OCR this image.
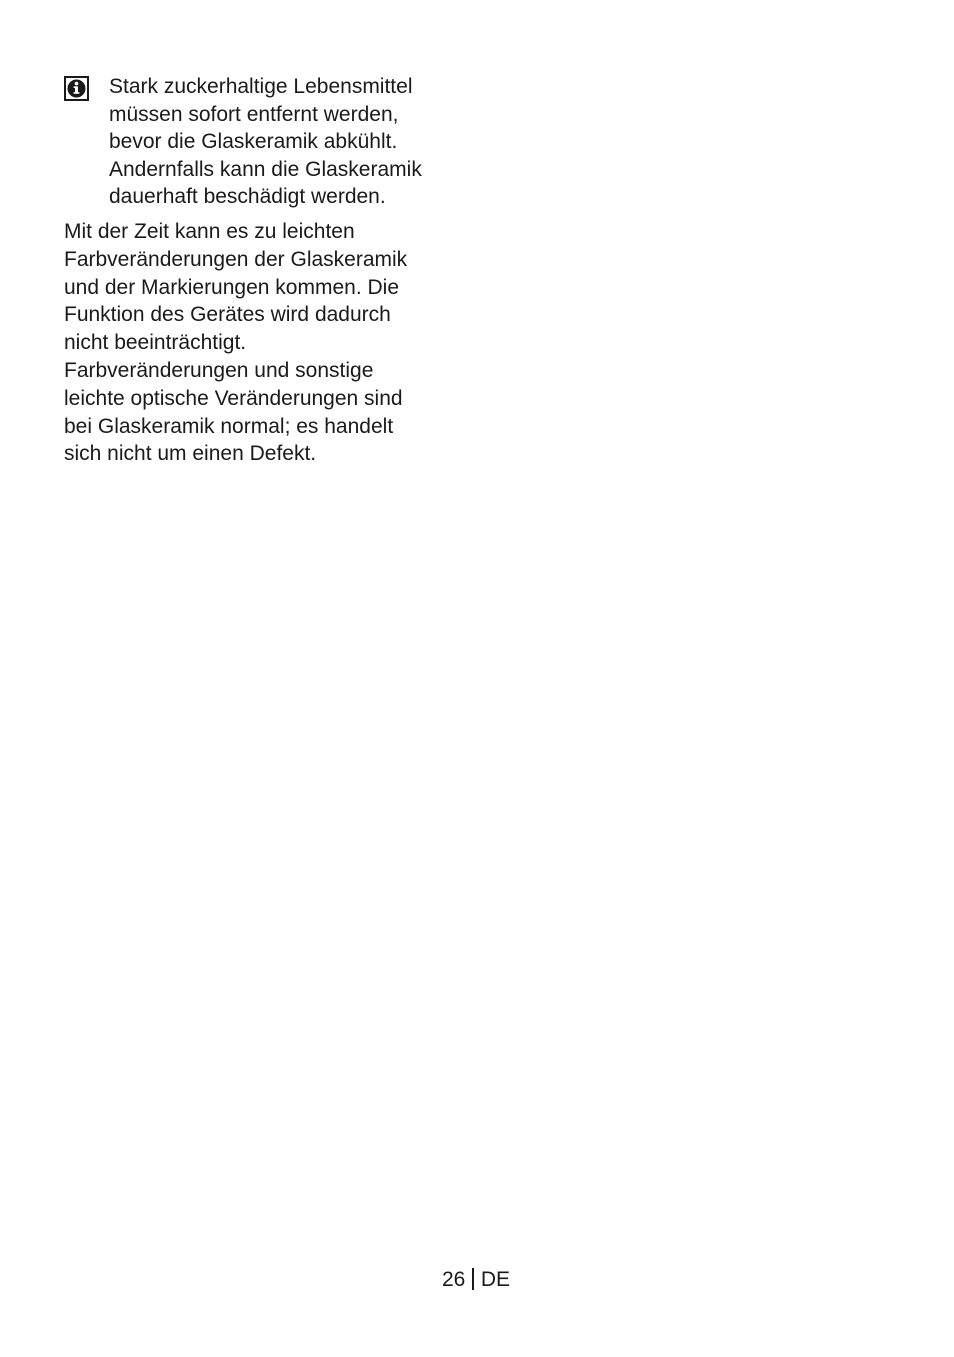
Stark zuckerhaltige Lebensmittel
müssen sofort entfernt werden,
bevor die Glaskeramik abkühlt.
Andernfalls kann die Glaskeramik
dauerhaft beschädigt werden.

Mit der Zeit kann es zu leichten
Farbveränderungen der Glaskeramik
und der Markierungen kommen. Die
Funktion des Gerätes wird dadurch
nicht beeinträchtigt.

Farbveränderungen und sonstige
leichte optische Veränderungen sind
bei Glaskeramik normal; es handelt
sich nicht um einen Defekt.

26 DE
